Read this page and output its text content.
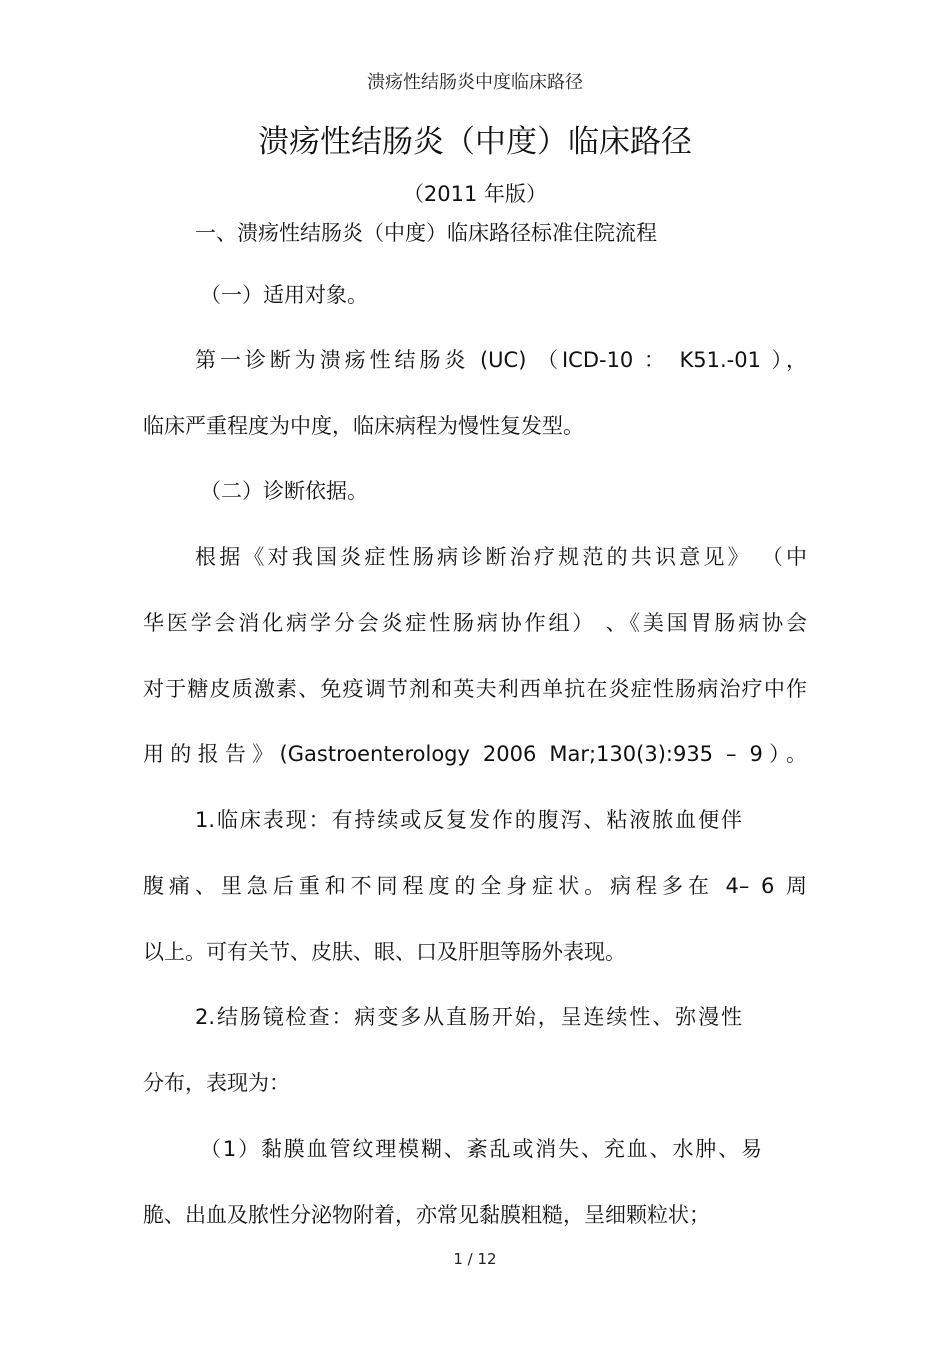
溃疡性结肠炎中度临床路径
溃疡性结肠炎（中度）临床路径
（2011 年版）
一、溃疡性结肠炎（中度）临床路径标准住院流程
（一）适用对象。
第一诊断为溃疡性结肠炎 (UC) （ICD-10 ： K51.-01 ），
临床严重程度为中度，临床病程为慢性复发型。
（二）诊断依据。
根据《对我国炎症性肠病诊断治疗规范的共识意见》 （中
华医学会消化病学分会炎症性肠病协作组） 、《美国胃肠病协会
对于糖皮质激素、免疫调节剂和英夫利西单抗在炎症性肠病治疗中作
用的报告》(Gastroenterology 2006 Mar;130(3):935 – 9）。
1.临床表现：有持续或反复发作的腹泻、粘液脓血便伴
腹痛、里急后重和不同程度的全身症状。病程多在 4– 6 周
以上。可有关节、皮肤、眼、口及肝胆等肠外表现。
2.结肠镜检查：病变多从直肠开始，呈连续性、弥漫性
分布，表现为：
（1）黏膜血管纹理模糊、紊乱或消失、充血、水肿、易
脆、出血及脓性分泌物附着，亦常见黏膜粗糙，呈细颗粒状；
1 / 12
